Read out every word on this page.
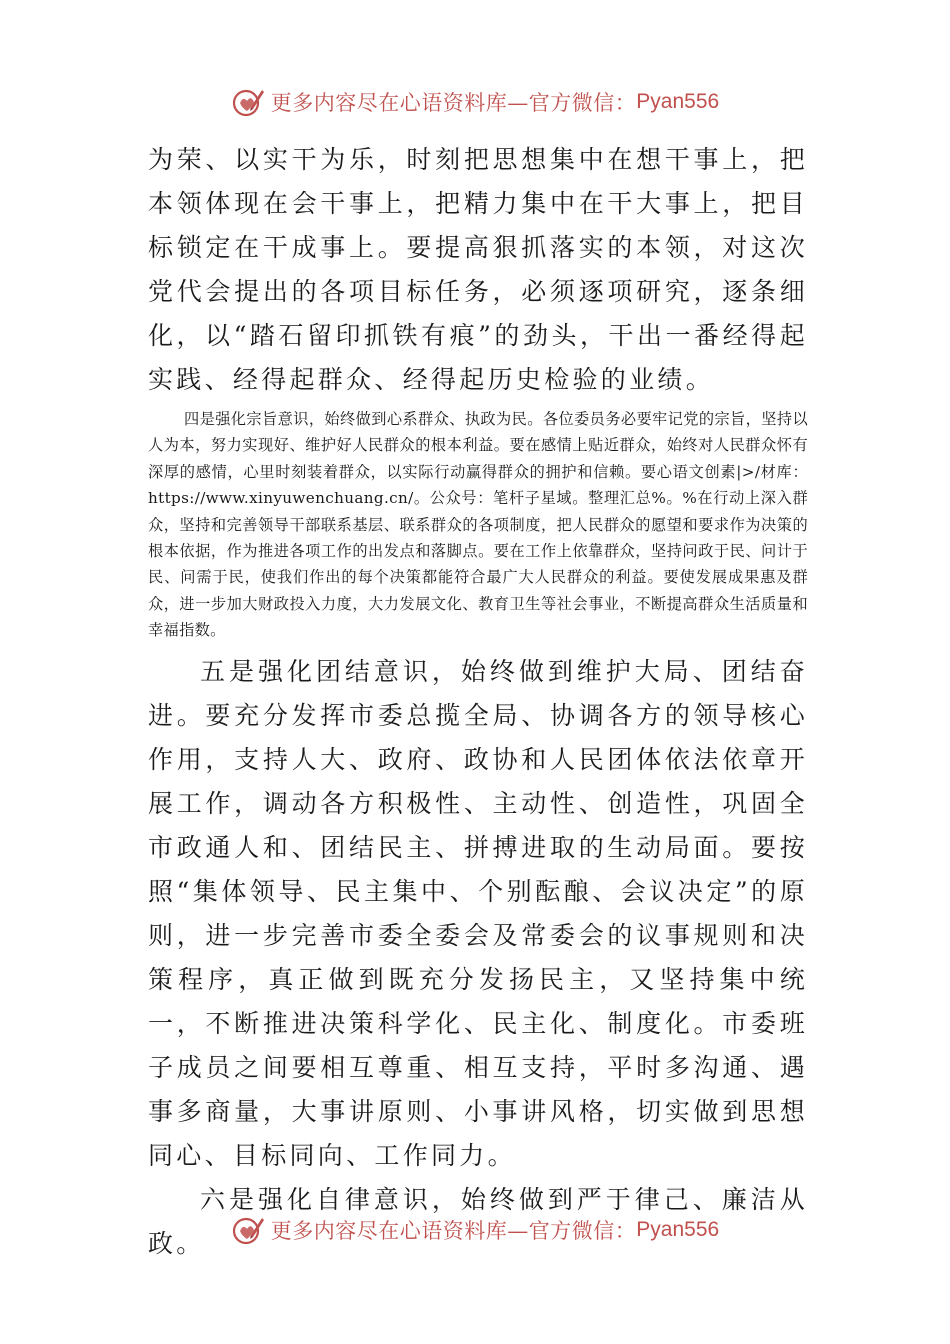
更多内容尽在心语资料库—官方微信： Pyan556

为荣、以实干为乐，时刻把思想集中在想干事上，把本领体现在会干事上，把精力集中在干大事上，把目标锁定在干成事上。要提高狠抓落实的本领，对这次党代会提出的各项目标任务，必须逐项研究，逐条细化，以“踏石留印抓铁有痕”的劲头，干出一番经得起实践、经得起群众、经得起历史检验的业绩。

四是强化宗旨意识，始终做到心系群众、执政为民。各位委员务必要牢记党的宗旨，坚持以人为本，努力实现好、维护好人民群众的根本利益。要在感情上贴近群众，始终对人民群众怀有深厚的感情，心里时刻装着群众，以实际行动赢得群众的拥护和信赖。要心语文创素|>/材库：https://www.xinyuwenchuang.cn/。公众号：笔杆子星域。整理汇总%。%在行动上深入群众，坚持和完善领导干部联系基层、联系群众的各项制度，把人民群众的愿望和要求作为决策的根本依据，作为推进各项工作的出发点和落脚点。要在工作上依靠群众，坚持问政于民、问计于民、问需于民，使我们作出的每个决策都能符合最广大人民群众的利益。要使发展成果惠及群众，进一步加大财政投入力度，大力发展文化、教育卫生等社会事业，不断提高群众生活质量和幸福指数。

五是强化团结意识，始终做到维护大局、团结奋进。要充分发挥市委总揽全局、协调各方的领导核心作用，支持人大、政府、政协和人民团体依法依章开展工作，调动各方积极性、主动性、创造性，巩固全市政通人和、团结民主、拼搏进取的生动局面。要按照“集体领导、民主集中、个别酝酿、会议决定”的原则，进一步完善市委全委会及常委会的议事规则和决策程序，真正做到既充分发扬民主，又坚持集中统一，不断推进决策科学化、民主化、制度化。市委班子成员之间要相互尊重、相互支持，平时多沟通、遇事多商量，大事讲原则、小事讲风格，切实做到思想同心、目标同向、工作同力。

六是强化自律意识，始终做到严于律己、廉洁从政。	更多内容尽在心语资料库—官方微信： Pyan556
